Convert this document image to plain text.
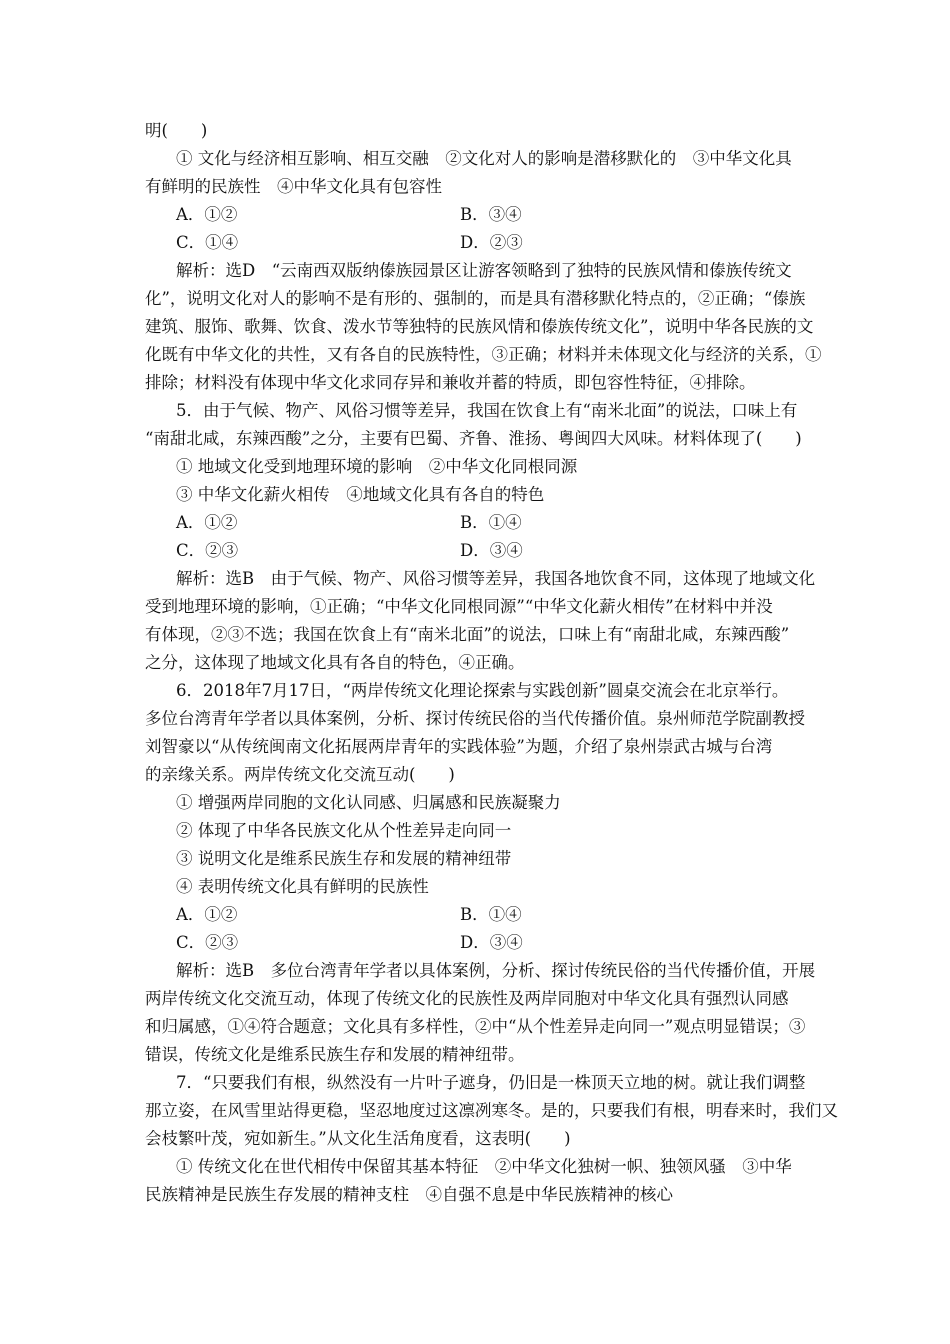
明(　　)
① 文化与经济相互影响、相互交融　②文化对人的影响是潜移默化的　③中华文化具
有鲜明的民族性　④中华文化具有包容性
A．①②	B．③④
C．①④	D．②③
解析：选D　“云南西双版纳傣族园景区让游客领略到了独特的民族风情和傣族传统文
化”，说明文化对人的影响不是有形的、强制的，而是具有潜移默化特点的，②正确；“傣族
建筑、服饰、歌舞、饮食、泼水节等独特的民族风情和傣族传统文化”，说明中华各民族的文
化既有中华文化的共性，又有各自的民族特性，③正确；材料并未体现文化与经济的关系，①
排除；材料没有体现中华文化求同存异和兼收并蓄的特质，即包容性特征，④排除。
5．由于气候、物产、风俗习惯等差异，我国在饮食上有“南米北面”的说法，口味上有
“南甜北咸，东辣西酸”之分，主要有巴蜀、齐鲁、淮扬、粤闽四大风味。材料体现了(　　)
① 地域文化受到地理环境的影响　②中华文化同根同源
③ 中华文化薪火相传　④地域文化具有各自的特色
A．①②	B．①④
C．②③	D．③④
解析：选B　由于气候、物产、风俗习惯等差异，我国各地饮食不同，这体现了地域文化
受到地理环境的影响，①正确；“中华文化同根同源”“中华文化薪火相传”在材料中并没
有体现，②③不选；我国在饮食上有“南米北面”的说法，口味上有“南甜北咸，东辣西酸”
之分，这体现了地域文化具有各自的特色，④正确。
6．2018年7月17日，“两岸传统文化理论探索与实践创新”圆桌交流会在北京举行。
多位台湾青年学者以具体案例，分析、探讨传统民俗的当代传播价值。泉州师范学院副教授
刘智豪以“从传统闽南文化拓展两岸青年的实践体验”为题，介绍了泉州崇武古城与台湾
的亲缘关系。两岸传统文化交流互动(　　)
① 增强两岸同胞的文化认同感、归属感和民族凝聚力
② 体现了中华各民族文化从个性差异走向同一
③ 说明文化是维系民族生存和发展的精神纽带
④ 表明传统文化具有鲜明的民族性
A．①②	B．①④
C．②③	D．③④
解析：选B　多位台湾青年学者以具体案例，分析、探讨传统民俗的当代传播价值，开展
两岸传统文化交流互动，体现了传统文化的民族性及两岸同胞对中华文化具有强烈认同感
和归属感，①④符合题意；文化具有多样性，②中“从个性差异走向同一”观点明显错误；③
错误，传统文化是维系民族生存和发展的精神纽带。
7．“只要我们有根，纵然没有一片叶子遮身，仍旧是一株顶天立地的树。就让我们调整
那立姿，在风雪里站得更稳，坚忍地度过这凛冽寒冬。是的，只要我们有根，明春来时，我们又
会枝繁叶茂，宛如新生。”从文化生活角度看，这表明(　　)
① 传统文化在世代相传中保留其基本特征　②中华文化独树一帜、独领风骚　③中华
民族精神是民族生存发展的精神支柱　④自强不息是中华民族精神的核心
